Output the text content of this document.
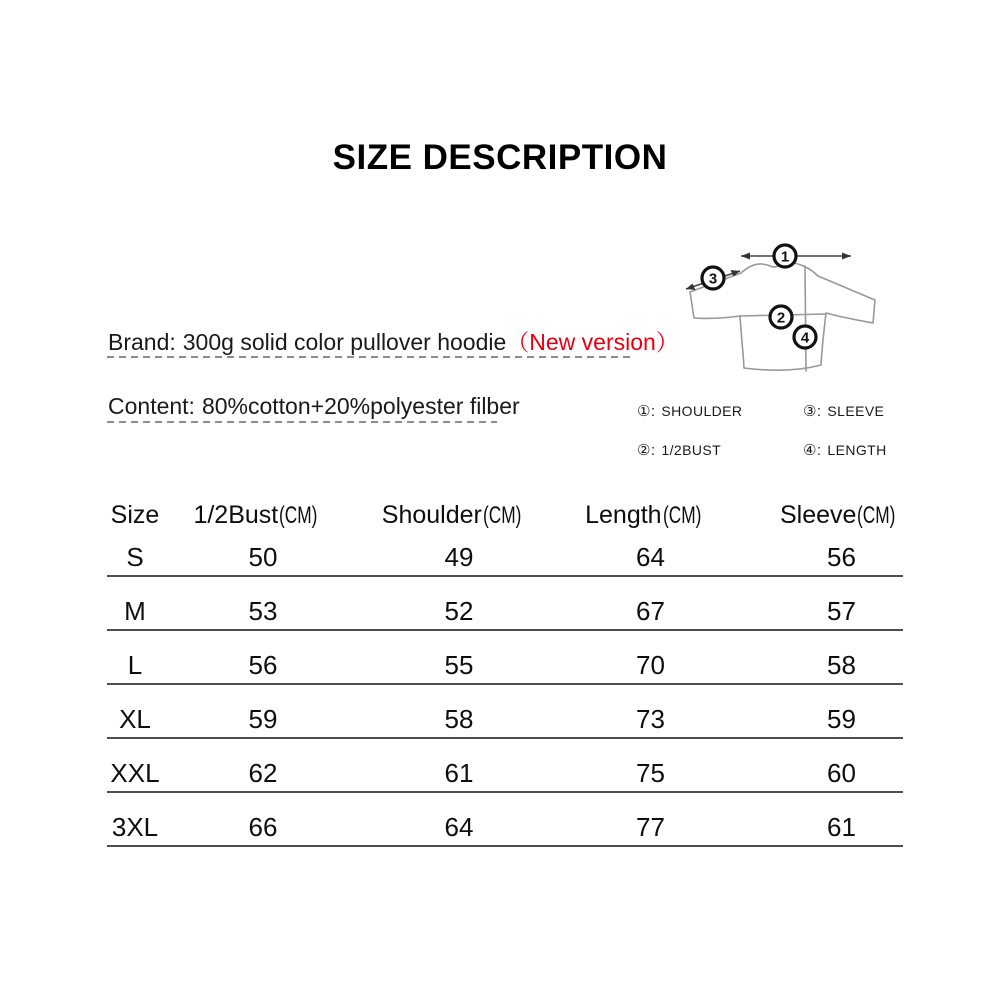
SIZE DESCRIPTION
Brand: 300g solid color pullover hoodie（New version）
Content: 80%cotton+20%polyester filber
1
3
2
4
①: SHOULDER	③: SLEEVE
②: 1/2BUST	④: LENGTH
Size	1/2Bust(CM)	Shoulder(CM)	Length(CM)	Sleeve(CM)
S	50	49	64	56
M	53	52	67	57
L	56	55	70	58
XL	59	58	73	59
XXL	62	61	75	60
3XL	66	64	77	61
